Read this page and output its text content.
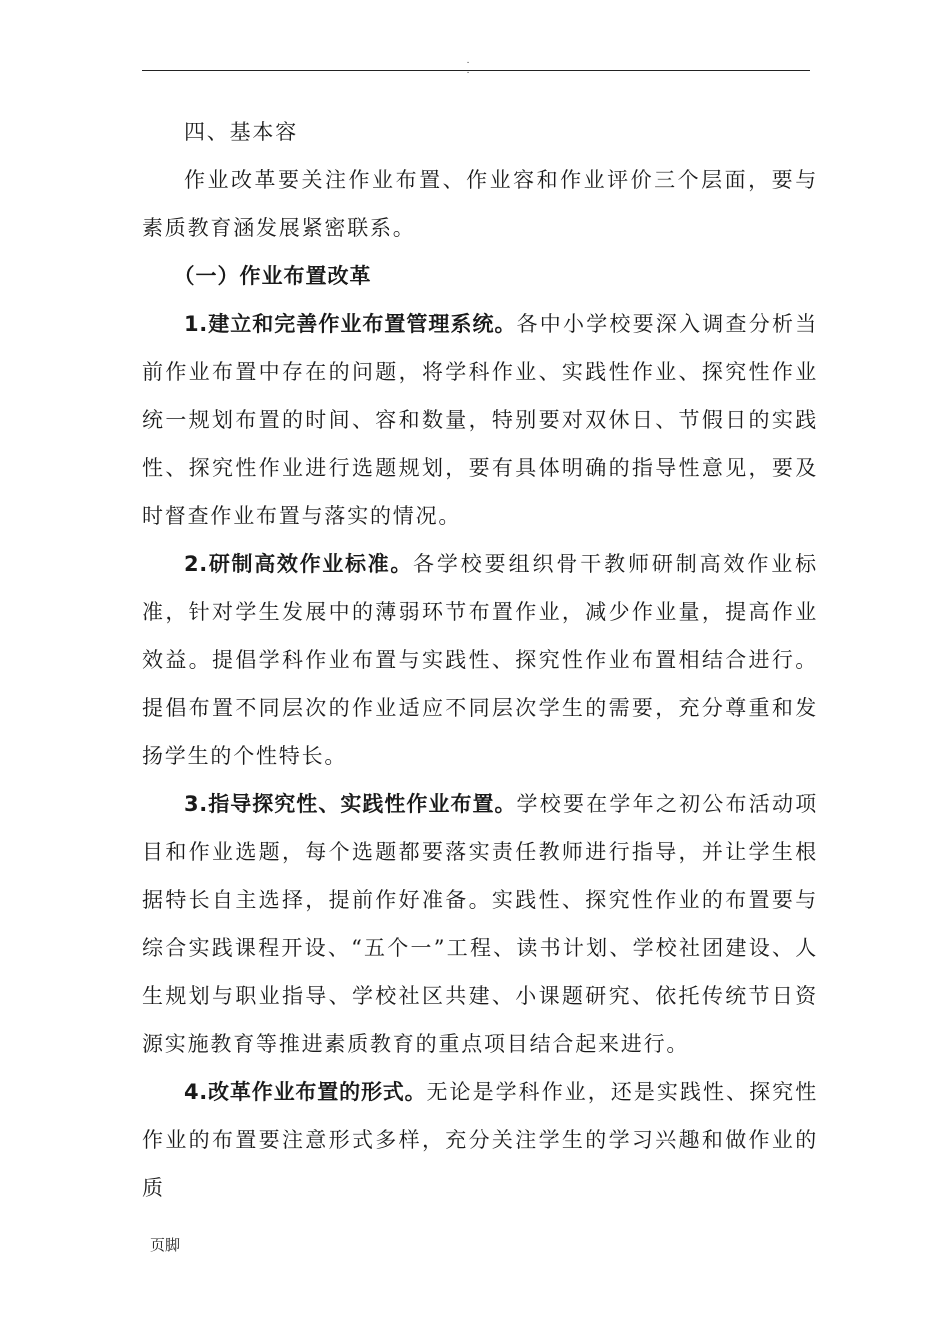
. .

四、基本容

作业改革要关注作业布置、作业容和作业评价三个层面，要与素质教育涵发展紧密联系。

（一）作业布置改革

1.建立和完善作业布置管理系统。各中小学校要深入调查分析当前作业布置中存在的问题，将学科作业、实践性作业、探究性作业统一规划布置的时间、容和数量，特别要对双休日、节假日的实践性、探究性作业进行选题规划，要有具体明确的指导性意见，要及时督查作业布置与落实的情况。

2.研制高效作业标准。各学校要组织骨干教师研制高效作业标准，针对学生发展中的薄弱环节布置作业，减少作业量，提高作业效益。提倡学科作业布置与实践性、探究性作业布置相结合进行。提倡布置不同层次的作业适应不同层次学生的需要，充分尊重和发扬学生的个性特长。

3.指导探究性、实践性作业布置。学校要在学年之初公布活动项目和作业选题，每个选题都要落实责任教师进行指导，并让学生根据特长自主选择，提前作好准备。实践性、探究性作业的布置要与综合实践课程开设、“五个一”工程、读书计划、学校社团建设、人生规划与职业指导、学校社区共建、小课题研究、依托传统节日资源实施教育等推进素质教育的重点项目结合起来进行。

4.改革作业布置的形式。无论是学科作业，还是实践性、探究性作业的布置要注意形式多样，充分关注学生的学习兴趣和做作业的质

页脚
